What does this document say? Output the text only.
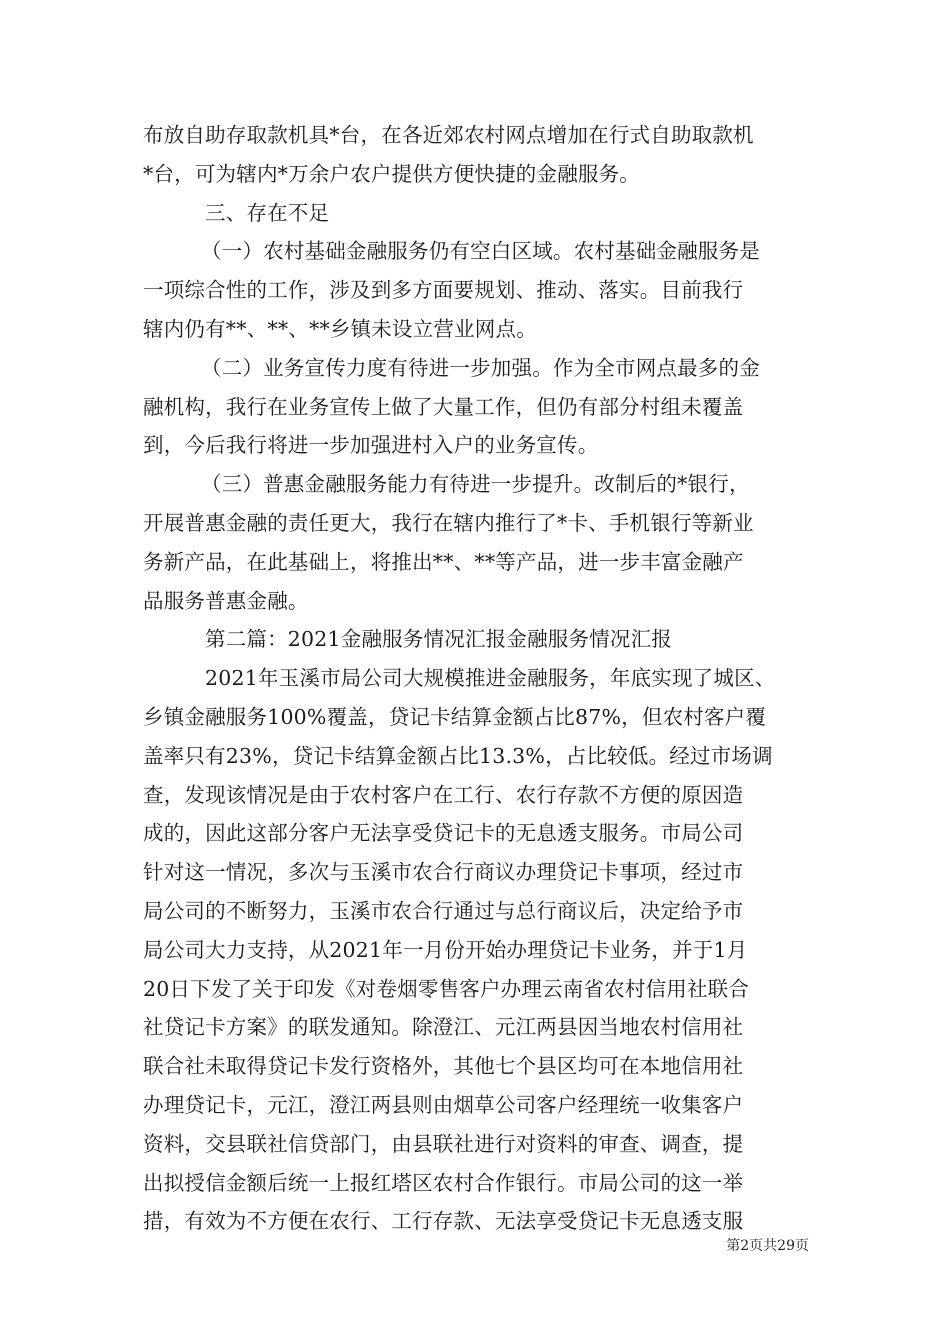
布放自助存取款机具*台，在各近郊农村网点增加在行式自助取款机
*台，可为辖内*万余户农户提供方便快捷的金融服务。
三、存在不足
（一）农村基础金融服务仍有空白区域。农村基础金融服务是
一项综合性的工作，涉及到多方面要规划、推动、落实。目前我行
辖内仍有**、**、**乡镇未设立营业网点。
（二）业务宣传力度有待进一步加强。作为全市网点最多的金
融机构，我行在业务宣传上做了大量工作，但仍有部分村组未覆盖
到，今后我行将进一步加强进村入户的业务宣传。
（三）普惠金融服务能力有待进一步提升。改制后的*银行，
开展普惠金融的责任更大，我行在辖内推行了*卡、手机银行等新业
务新产品，在此基础上，将推出**、**等产品，进一步丰富金融产
品服务普惠金融。
第二篇：2021金融服务情况汇报金融服务情况汇报
2021年玉溪市局公司大规模推进金融服务，年底实现了城区、
乡镇金融服务100%覆盖，贷记卡结算金额占比87%，但农村客户覆
盖率只有23%，贷记卡结算金额占比13.3%，占比较低。经过市场调
查，发现该情况是由于农村客户在工行、农行存款不方便的原因造
成的，因此这部分客户无法享受贷记卡的无息透支服务。市局公司
针对这一情况，多次与玉溪市农合行商议办理贷记卡事项，经过市
局公司的不断努力，玉溪市农合行通过与总行商议后，决定给予市
局公司大力支持，从2021年一月份开始办理贷记卡业务，并于1月
20日下发了关于印发《对卷烟零售客户办理云南省农村信用社联合
社贷记卡方案》的联发通知。除澄江、元江两县因当地农村信用社
联合社未取得贷记卡发行资格外，其他七个县区均可在本地信用社
办理贷记卡，元江，澄江两县则由烟草公司客户经理统一收集客户
资料，交县联社信贷部门，由县联社进行对资料的审查、调查，提
出拟授信金额后统一上报红塔区农村合作银行。市局公司的这一举
措，有效为不方便在农行、工行存款、无法享受贷记卡无息透支服
第2页共29页
